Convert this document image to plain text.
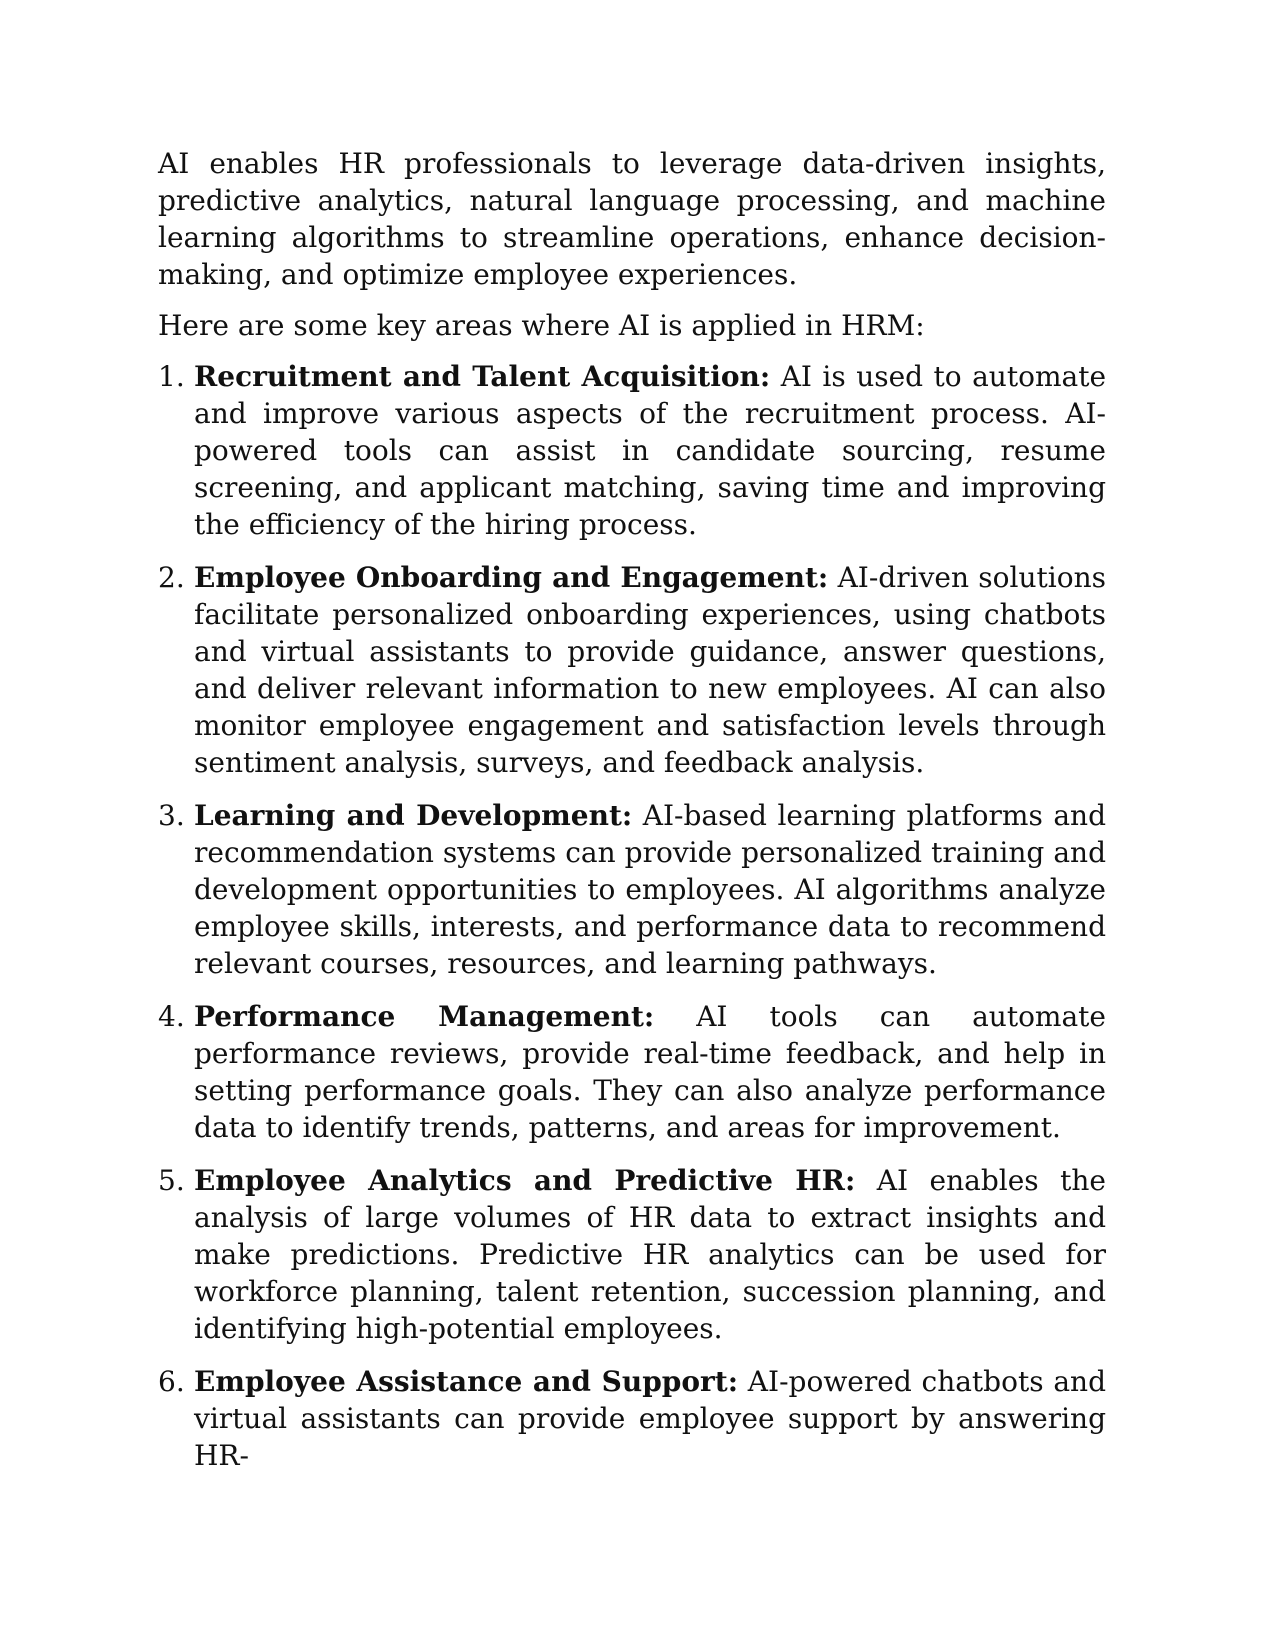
AI enables HR professionals to leverage data-driven insights, predictive analytics, natural language processing, and machine learning algorithms to streamline operations, enhance decision-making, and optimize employee experiences.

Here are some key areas where AI is applied in HRM:

1. Recruitment and Talent Acquisition: AI is used to automate and improve various aspects of the recruitment process. AI-powered tools can assist in candidate sourcing, resume screening, and applicant matching, saving time and improving the efficiency of the hiring process.
2. Employee Onboarding and Engagement: AI-driven solutions facilitate personalized onboarding experiences, using chatbots and virtual assistants to provide guidance, answer questions, and deliver relevant information to new employees. AI can also monitor employee engagement and satisfaction levels through sentiment analysis, surveys, and feedback analysis.
3. Learning and Development: AI-based learning platforms and recommendation systems can provide personalized training and development opportunities to employees. AI algorithms analyze employee skills, interests, and performance data to recommend relevant courses, resources, and learning pathways.
4. Performance Management: AI tools can automate performance reviews, provide real-time feedback, and help in setting performance goals. They can also analyze performance data to identify trends, patterns, and areas for improvement.
5. Employee Analytics and Predictive HR: AI enables the analysis of large volumes of HR data to extract insights and make predictions. Predictive HR analytics can be used for workforce planning, talent retention, succession planning, and identifying high-potential employees.
6. Employee Assistance and Support: AI-powered chatbots and virtual assistants can provide employee support by answering HR-
